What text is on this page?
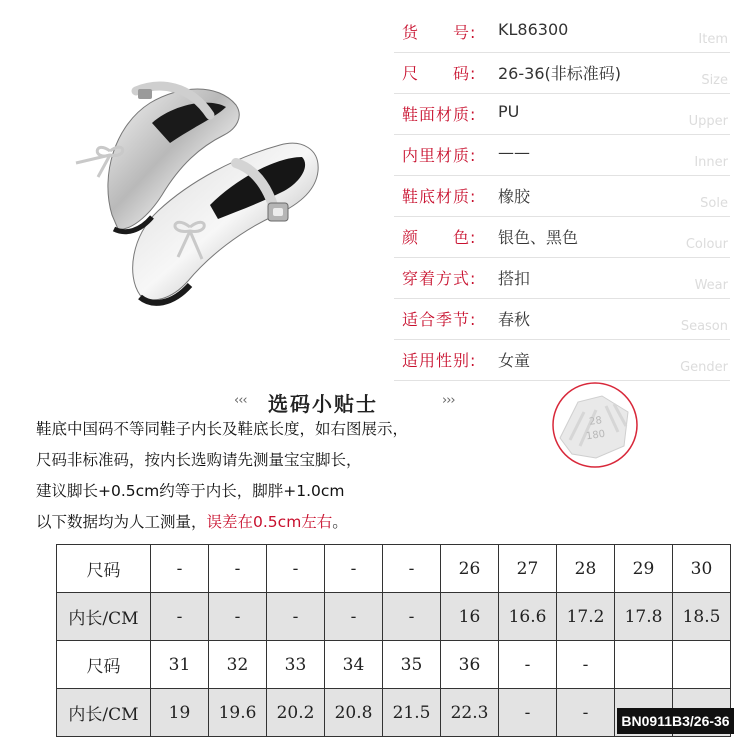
货　　号: KL86300
Item
尺　　码: 26-36(非标准码)	Size
鞋面材质: PU
Upper
内里材质: ——
Inner
鞋底材质: 橡胶	Sole
颜　　色: 银色、黑色	Colour
穿着方式: 搭扣	Wear
适合季节: 春秋	Season
适用性别: 女童	Gender
‹‹‹ 选码小贴士	›››
鞋底中国码不等同鞋子内长及鞋底长度，如右图展示，
尺码非标准码，按内长选购请先测量宝宝脚长，
建议脚长+0.5cm约等于内长，脚胖+1.0cm
以下数据均为人工测量，误差在0.5cm左右。
28
180
尺码	-	-	-	-	-	26	27	28	29	30
内长/CM	-	-	-	-	-	16	16.6	17.2	17.8	18.5
尺码	31	32	33	34	35	36	-	-		
内长/CM	19	19.6	20.2	20.8	21.5	22.3	-	-			BN0911B3/26-36
